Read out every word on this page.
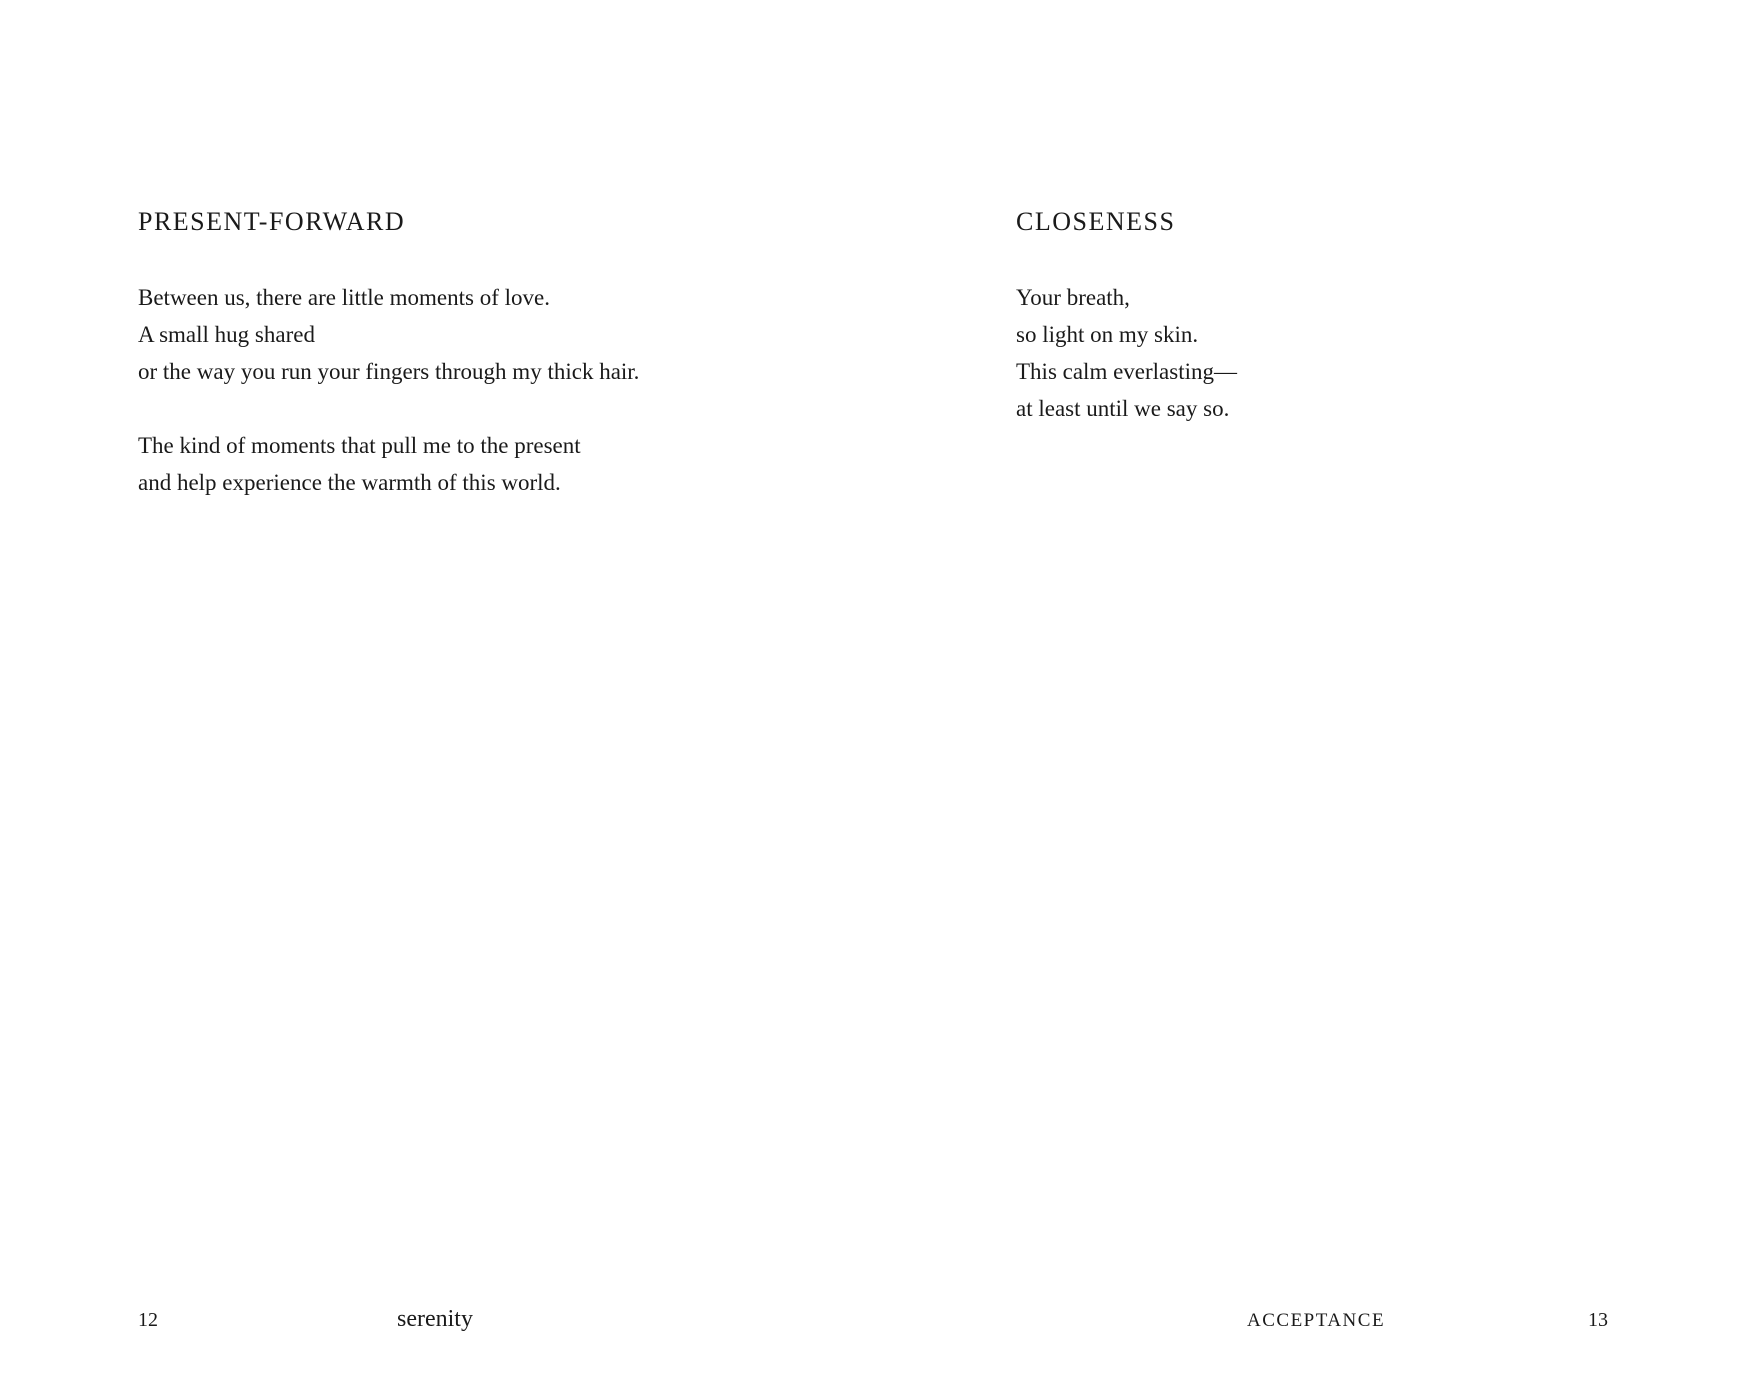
PRESENT-FORWARD

Between us, there are little moments of love.
A small hug shared
or the way you run your fingers through my thick hair.

The kind of moments that pull me to the present
and help experience the warmth of this world.

12	serenity
CLOSENESS

Your breath,
so light on my skin.
This calm everlasting—
at least until we say so.

ACCEPTANCE	13
